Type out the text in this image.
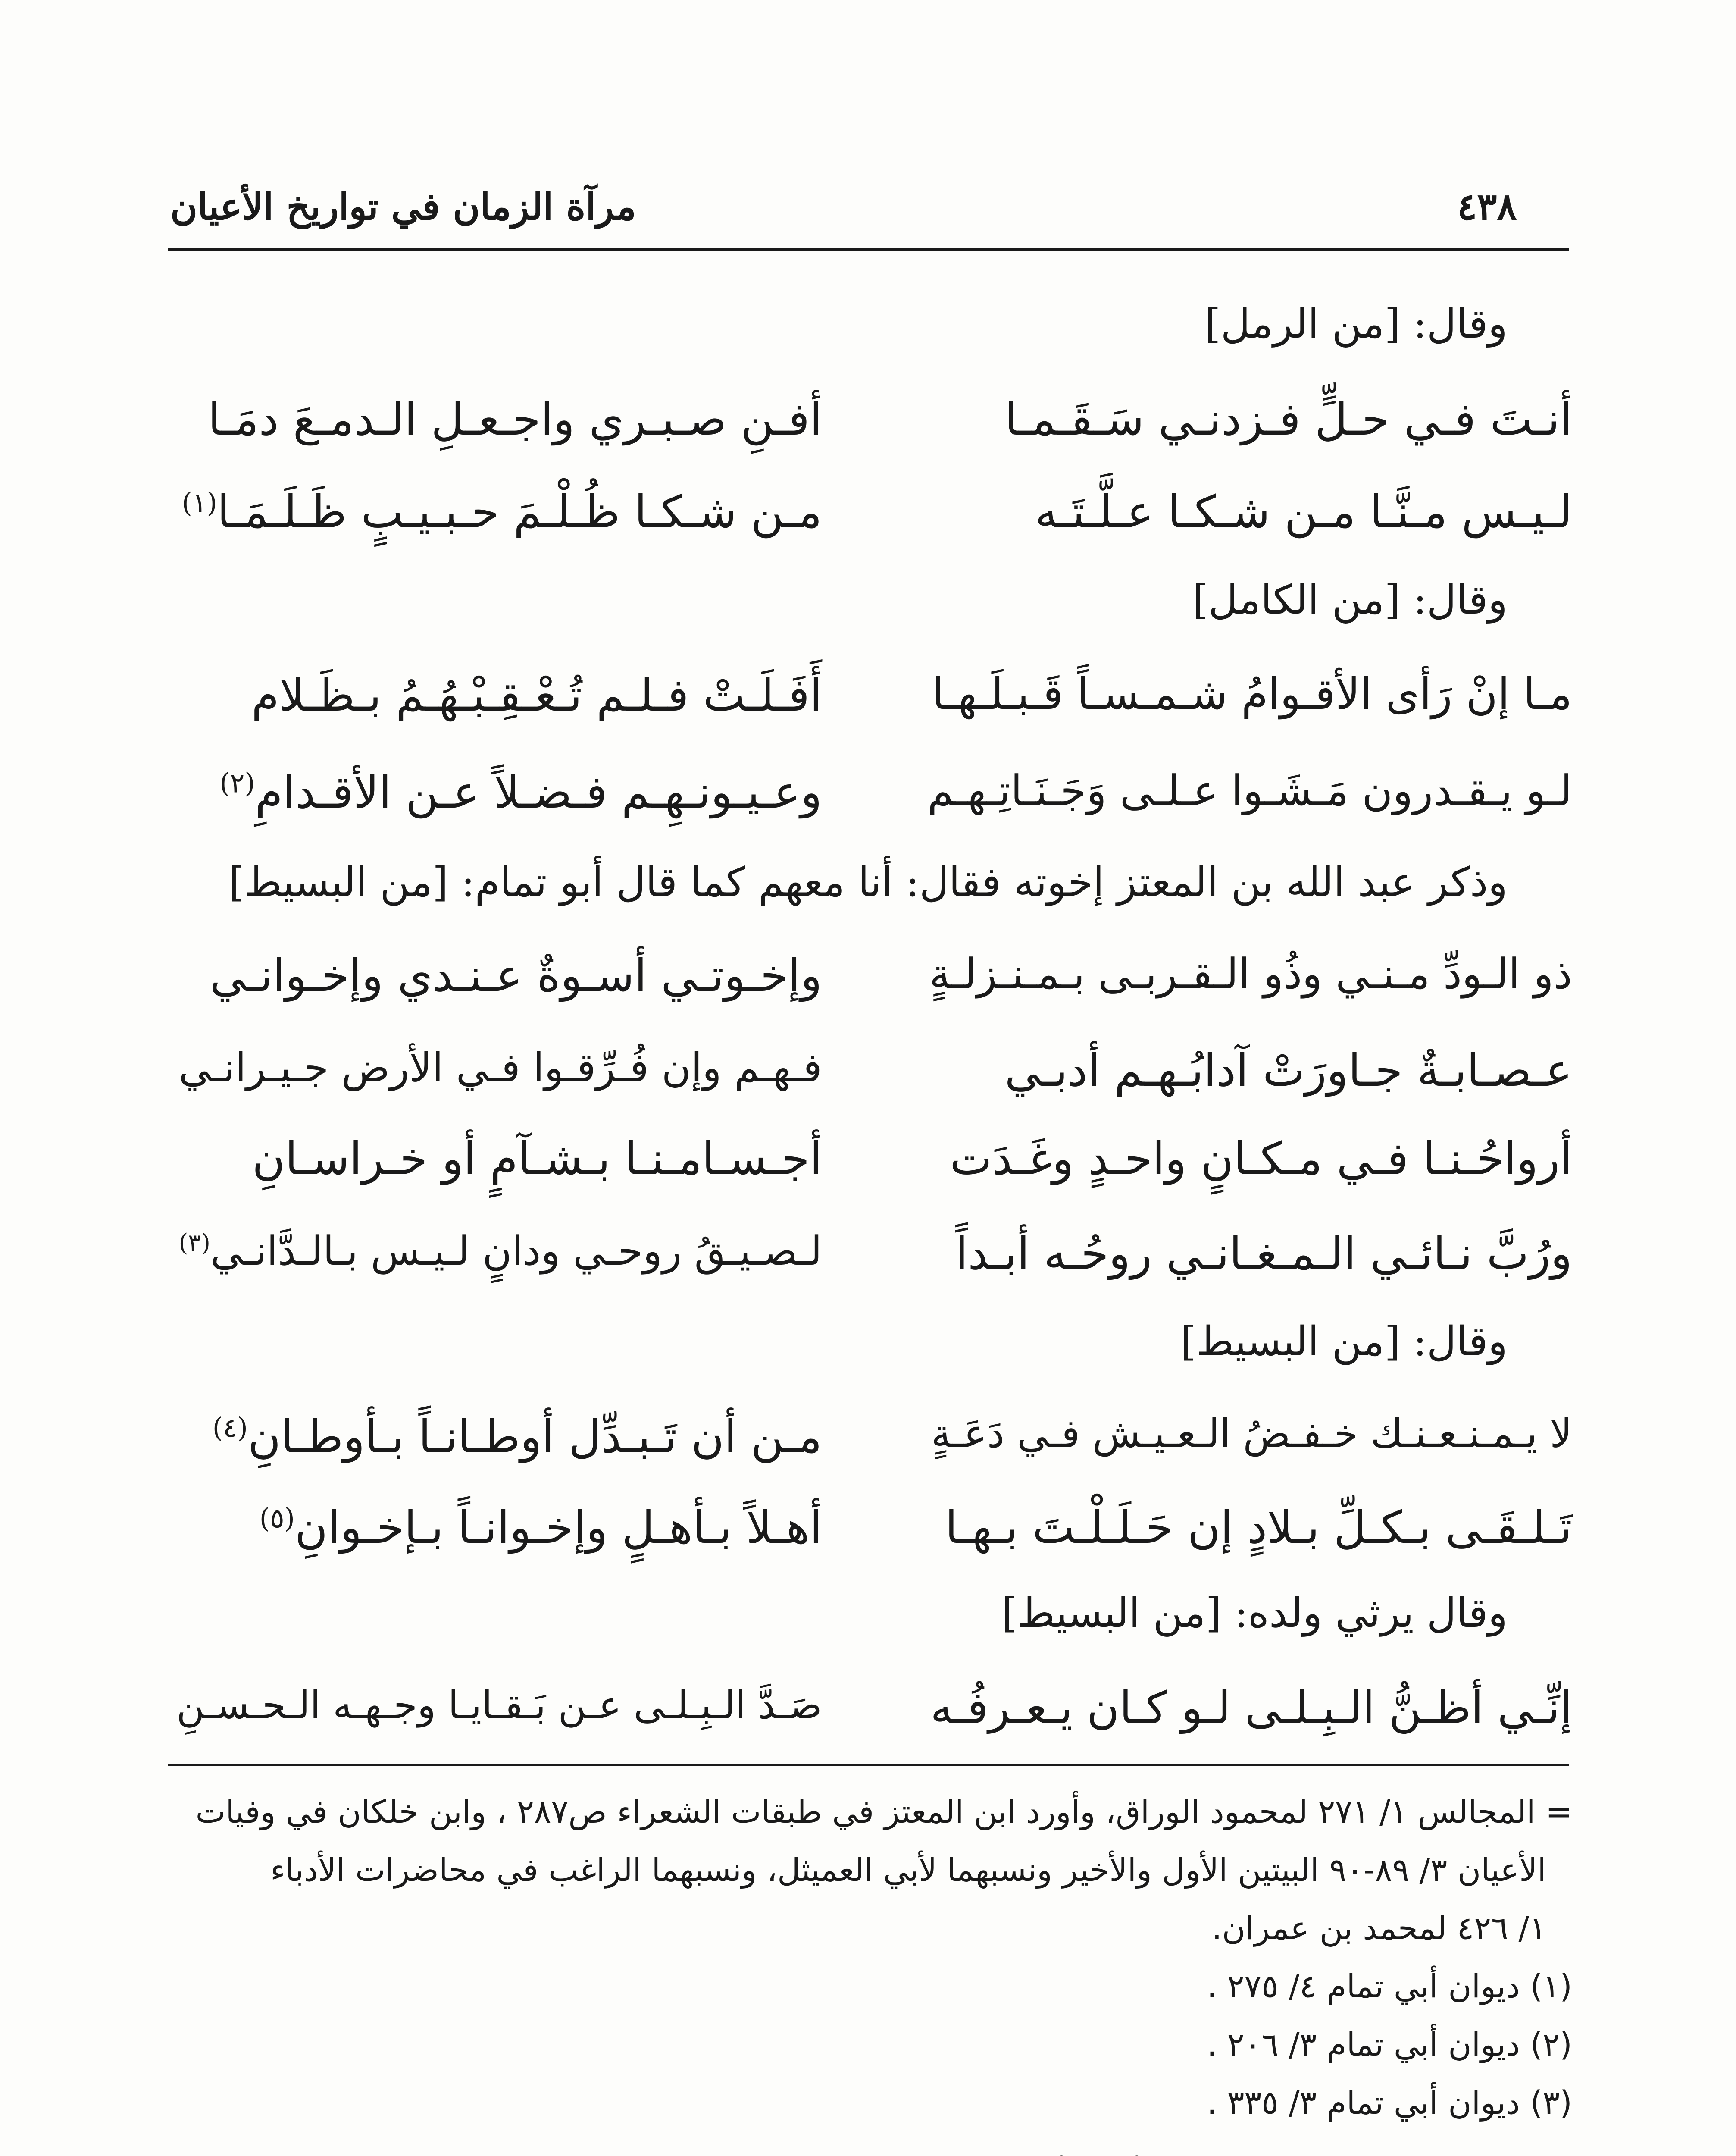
٤٣٨
مرآة الزمان في تواريخ الأعيان
وقال: [من الرمل]
أنـتَ فـي حـلٍّ فـزدنـي سَـقَـمـا
أفـنِ صـبـري واجـعـلِ الـدمـعَ دمَـا
لـيـس مـنَّـا مـن شـكـا عـلَّـتَـه
مـن شـكـا ظُـلْـمَ حـبـيـبٍ ظَـلَـمَـا$^{(١)}$
وقال: [من الكامل]
مـا إنْ رَأى الأقـوامُ شـمـسـاً قَـبـلَـهـا
أَفَـلَـتْ فـلـم تُـعْـقِـبْـهُـمُ بـظَـلام
لـو يـقـدرون مَـشَـوا عـلـى وَجَـنَـاتِـهـم
وعـيـونـهِـم فـضـلاً عـن الأقـدامِ$^{(٢)}$
وذكر عبد الله بن المعتز إخوته فقال: أنا معهم كما قال أبو تمام: [من البسيط]
ذو الـودِّ مـنـي وذُو الـقـربـى بـمـنـزلـةٍ
وإخـوتـي أسـوةٌ عـنـدي وإخـوانـي
عـصـابـةٌ جـاورَتْ آدابُـهـم أدبـي
فـهـم وإن فُـرِّقـوا فـي الأرض جـيـرانـي
أرواحُـنـا فـي مـكـانٍ واحـدٍ وغَـدَت
أجـسـامـنـا بـشـآمٍ أو خـراسـانِ
ورُبَّ نـائـي الـمـغـانـي روحُـه أبـداً
لـصـيـقُ روحـي ودانٍ لـيـس بـالـدَّانـي$^{(٣)}$
وقال: [من البسيط]
لا يـمـنـعـنـك خـفـضُ الـعـيـش فـي دَعَـةٍ
مـن أن تَـبـدِّل أوطـانـاً بـأوطـانِ$^{(٤)}$
تَـلـقَـى بـكـلِّ بـلادٍ إن حَـلَـلْـتَ بـهـا
أهـلاً بـأهـلٍ وإخـوانـاً بـإخـوانِ$^{(٥)}$
وقال يرثي ولده: [من البسيط]
إنِّـي أظـنُّ الـبِـلـى لـو كـان يـعـرفُـه
صَـدَّ الـبِـلـى عـن بَـقـايـا وجـهـه الـحـسـنِ
= المجالس ١/ ٢٧١ لمحمود الوراق، وأورد ابن المعتز في طبقات الشعراء ص٢٨٧ ، وابن خلكان في وفيات
الأعيان ٣/ ٨٩-٩٠ البيتين الأول والأخير ونسبهما لأبي العميثل، ونسبهما الراغب في محاضرات الأدباء
١/ ٤٢٦ لمحمد بن عمران.
(١) ديوان أبي تمام ٤/ ٢٧٥ .
(٢) ديوان أبي تمام ٣/ ٢٠٦ .
(٣) ديوان أبي تمام ٣/ ٣٣٥ .
